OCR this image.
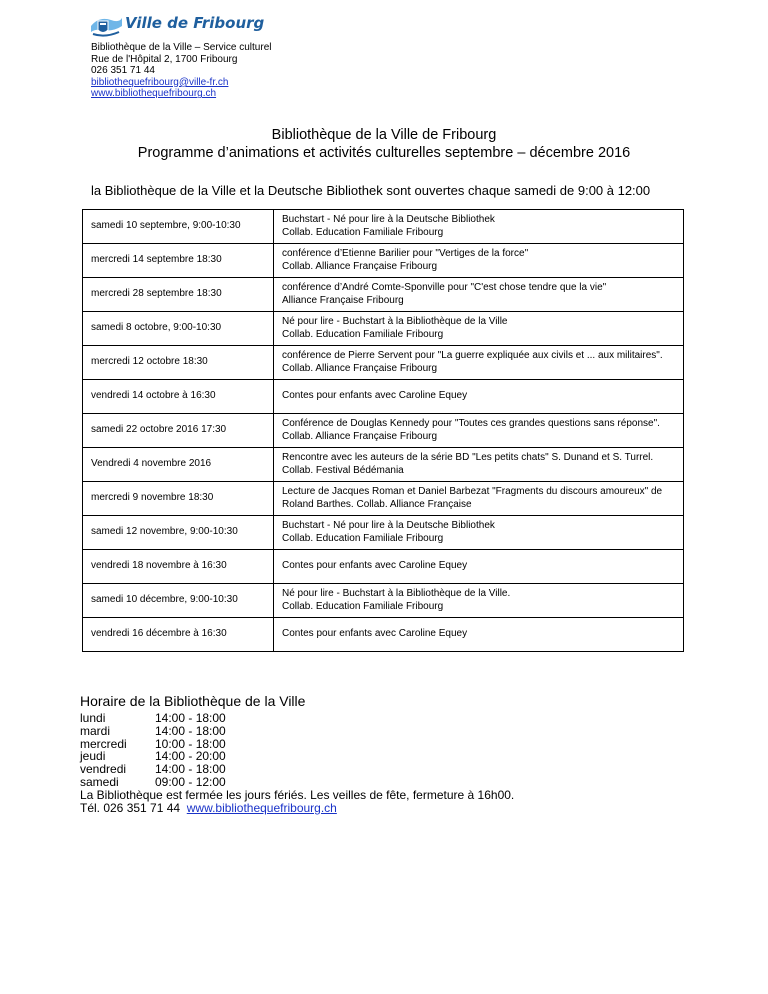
Ville de Fribourg
Bibliothèque de la Ville – Service culturel
Rue de l'Hôpital 2, 1700 Fribourg
026 351 71 44
bibliothequefribourg@ville-fr.ch
www.bibliothequefribourg.ch
Bibliothèque de la Ville de Fribourg
Programme d’animations et activités culturelles septembre – décembre 2016
la Bibliothèque de la Ville et la Deutsche Bibliothek sont ouvertes chaque samedi de 9:00 à 12:00
samedi 10 septembre, 9:00-10:30	Buchstart - Né pour lire à la Deutsche Bibliothek
Collab. Education Familiale Fribourg

mercredi 14 septembre 18:30	conférence d’Etienne Barilier pour "Vertiges de la force"
Collab. Alliance Française Fribourg

mercredi 28 septembre 18:30	conférence d’André Comte-Sponville pour "C'est chose tendre que la vie"
Alliance Française Fribourg

samedi 8 octobre, 9:00-10:30	Né pour lire - Buchstart à la Bibliothèque de la Ville
Collab. Education Familiale Fribourg

mercredi 12 octobre 18:30	conférence de Pierre Servent pour "La guerre expliquée aux civils et ... aux militaires".
Collab. Alliance Française Fribourg

vendredi 14 octobre à 16:30	Contes pour enfants avec Caroline Equey

samedi 22 octobre 2016 17:30	Conférence de Douglas Kennedy pour "Toutes ces grandes questions sans réponse".
Collab. Alliance Française Fribourg

Vendredi 4 novembre 2016	Rencontre avec les auteurs de la série BD "Les petits chats" S. Dunand et S. Turrel.
Collab. Festival Bédémania

mercredi 9 novembre 18:30	Lecture de Jacques Roman et Daniel Barbezat "Fragments du discours amoureux" de
Roland Barthes. Collab. Alliance Française

samedi 12 novembre, 9:00-10:30	Buchstart - Né pour lire à la Deutsche Bibliothek
Collab. Education Familiale Fribourg

vendredi 18 novembre à 16:30	Contes pour enfants avec Caroline Equey

samedi 10 décembre, 9:00-10:30	Né pour lire - Buchstart à la Bibliothèque de la Ville.
Collab. Education Familiale Fribourg

vendredi 16 décembre à 16:30	Contes pour enfants avec Caroline Equey
Horaire de la Bibliothèque de la Ville
lundi	14:00 - 18:00
mardi	14:00 - 18:00
mercredi	10:00 - 18:00
jeudi	14:00 - 20:00
vendredi	14:00 - 18:00
samedi	09:00 - 12:00
La Bibliothèque est fermée les jours fériés. Les veilles de fête, fermeture à 16h00.
Tél. 026 351 71 44 www.bibliothequefribourg.ch
